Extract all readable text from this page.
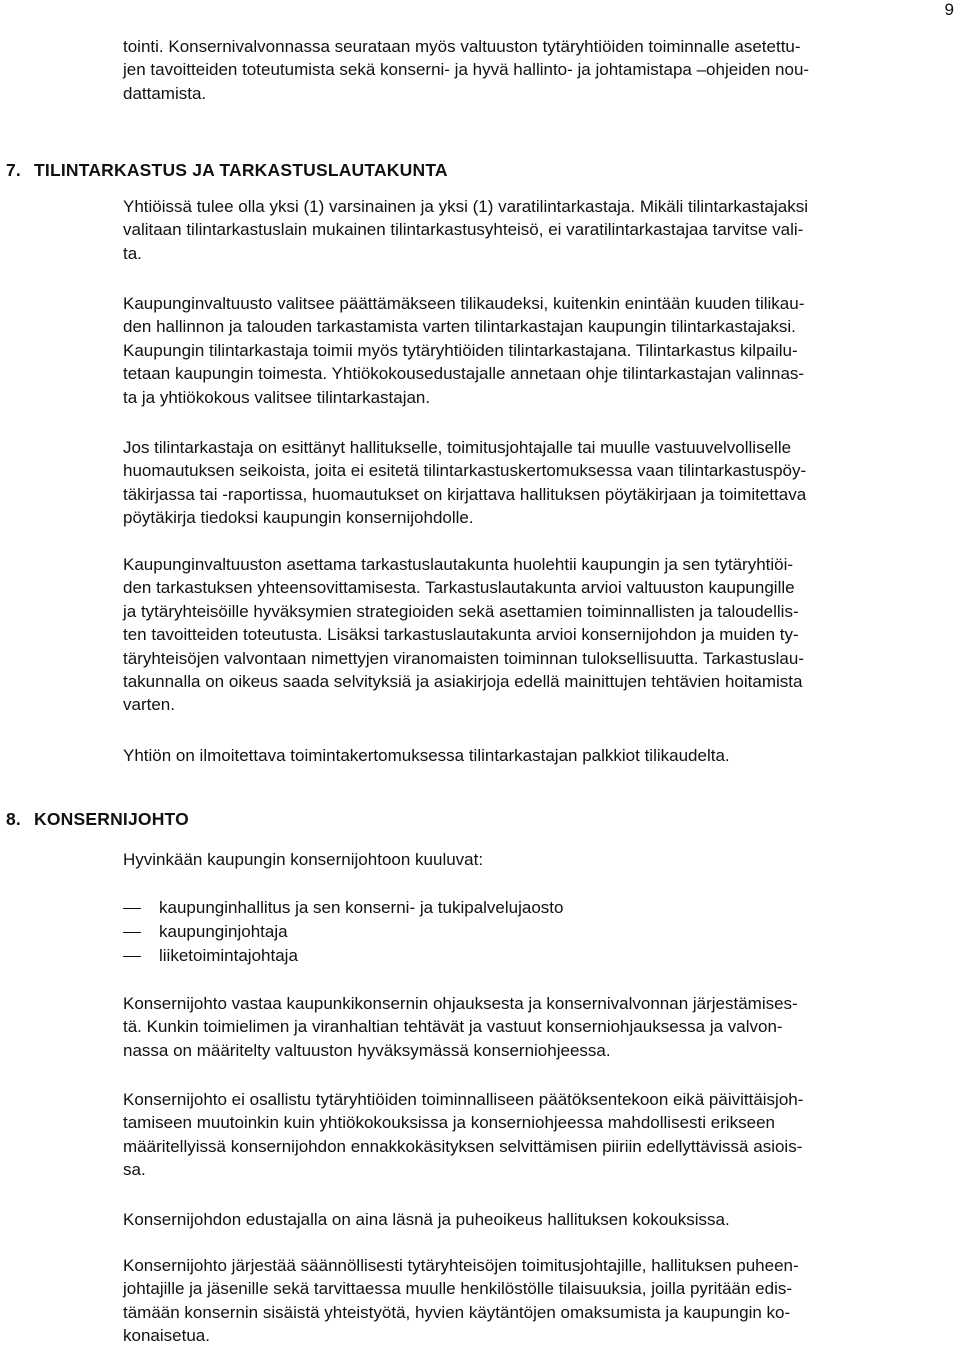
9
tointi. Konsernivalvonnassa seurataan myös valtuuston tytäryhtiöiden toiminnalle asetettu-
jen tavoitteiden toteutumista sekä konserni- ja hyvä hallinto- ja johtamistapa –ohjeiden nou-
dattamista.
7. TILINTARKASTUS JA TARKASTUSLAUTAKUNTA
Yhtiöissä tulee olla yksi (1) varsinainen ja yksi (1) varatilintarkastaja. Mikäli tilintarkastajaksi
valitaan tilintarkastuslain mukainen tilintarkastusyhteisö, ei varatilintarkastajaa tarvitse vali-
ta.
Kaupunginvaltuusto valitsee päättämäkseen tilikaudeksi, kuitenkin enintään kuuden tilikau-
den hallinnon ja talouden tarkastamista varten tilintarkastajan kaupungin tilintarkastajaksi.
Kaupungin tilintarkastaja toimii myös tytäryhtiöiden tilintarkastajana. Tilintarkastus kilpailu-
tetaan kaupungin toimesta. Yhtiökokousedustajalle annetaan ohje tilintarkastajan valinnas-
ta ja yhtiökokous valitsee tilintarkastajan.
Jos tilintarkastaja on esittänyt hallitukselle, toimitusjohtajalle tai muulle vastuuvelvolliselle
huomautuksen seikoista, joita ei esitetä tilintarkastuskertomuksessa vaan tilintarkastuspöy-
täkirjassa tai -raportissa, huomautukset on kirjattava hallituksen pöytäkirjaan ja toimitettava
pöytäkirja tiedoksi kaupungin konsernijohdolle.
Kaupunginvaltuuston asettama tarkastuslautakunta huolehtii kaupungin ja sen tytäryhtiöi-
den tarkastuksen yhteensovittamisesta. Tarkastuslautakunta arvioi valtuuston kaupungille
ja tytäryhteisöille hyväksymien strategioiden sekä asettamien toiminnallisten ja taloudellis-
ten tavoitteiden toteutusta. Lisäksi tarkastuslautakunta arvioi konsernijohdon ja muiden ty-
täryhteisöjen valvontaan nimettyjen viranomaisten toiminnan tuloksellisuutta. Tarkastuslau-
takunnalla on oikeus saada selvityksiä ja asiakirjoja edellä mainittujen tehtävien hoitamista
varten.
Yhtiön on ilmoitettava toimintakertomuksessa tilintarkastajan palkkiot tilikaudelta.
8. KONSERNIJOHTO
Hyvinkään kaupungin konsernijohtoon kuuluvat:
kaupunginhallitus ja sen konserni- ja tukipalvelujaosto
kaupunginjohtaja
liiketoimintajohtaja
Konsernijohto vastaa kaupunkikonsernin ohjauksesta ja konsernivalvonnan järjestämises-
tä. Kunkin toimielimen ja viranhaltian tehtävät ja vastuut konserniohjauksessa ja valvon-
nassa on määritelty valtuuston hyväksymässä konserniohjeessa.
Konsernijohto ei osallistu tytäryhtiöiden toiminnalliseen päätöksentekoon eikä päivittäisjoh-
tamiseen muutoinkin kuin yhtiökokouksissa ja konserniohjeessa mahdollisesti erikseen
määritellyissä konsernijohdon ennakkokäsityksen selvittämisen piiriin edellyttävissä asiois-
sa.
Konsernijohdon edustajalla on aina läsnä ja puheoikeus hallituksen kokouksissa.
Konsernijohto järjestää säännöllisesti tytäryhteisöjen toimitusjohtajille, hallituksen puheen-
johtajille ja jäsenille sekä tarvittaessa muulle henkilöstölle tilaisuuksia, joilla pyritään edis-
tämään konsernin sisäistä yhteistyötä, hyvien käytäntöjen omaksumista ja kaupungin ko-
konaisetua.
